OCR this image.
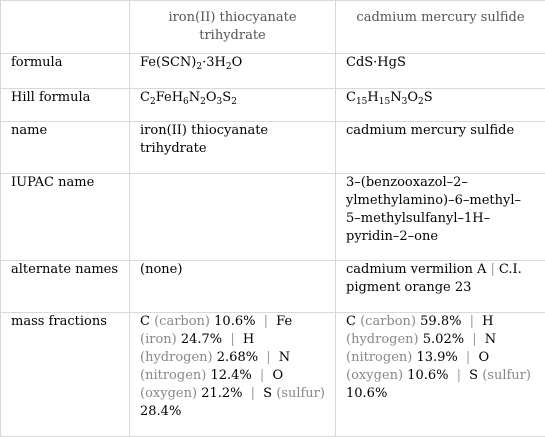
	iron(II) thiocyanate trihydrate	cadmium mercury sulfide
formula	$Fe(SCN)_2\cdot 3H_2O$	CdS·HgS
Hill formula	$C_2FeH_6N_2O_3S_2$	$C_{15}H_{15}N_3O_2S$
name	iron(II) thiocyanate trihydrate	cadmium mercury sulfide
IUPAC name		3–(benzooxazol–2–ylmethylamino)–6–methyl–5–methylsulfanyl–1H–pyridin–2–one
alternate names	(none)	cadmium vermilion A | C.I. pigment orange 23
mass fractions	C (carbon) 10.6% | Fe (iron) 24.7% | H (hydrogen) 2.68% | N (nitrogen) 12.4% | O (oxygen) 21.2% | S (sulfur) 28.4%	C (carbon) 59.8% | H (hydrogen) 5.02% | N (nitrogen) 13.9% | O (oxygen) 10.6% | S (sulfur) 10.6%
